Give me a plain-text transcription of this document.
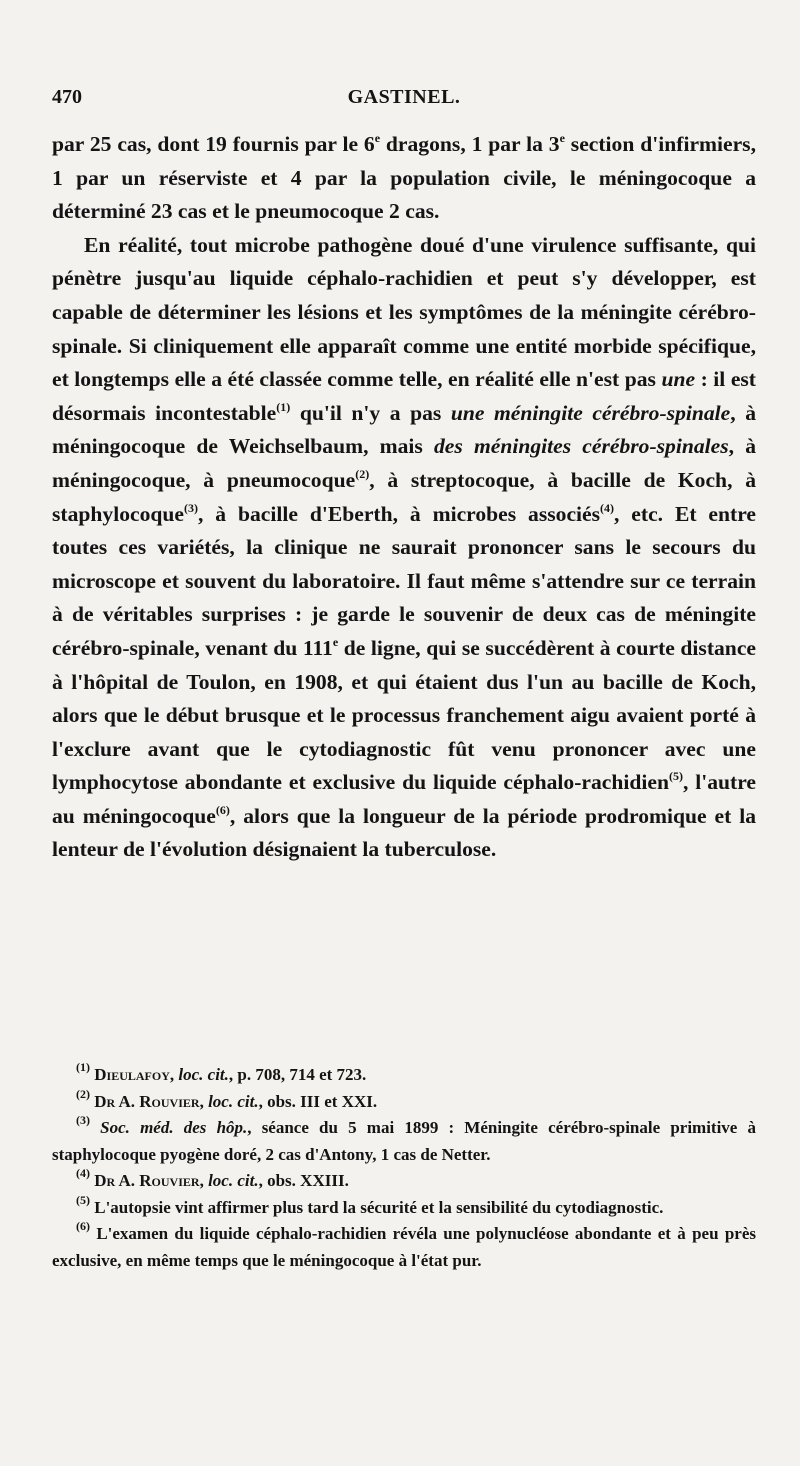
470	GASTINEL.

par 25 cas, dont 19 fournis par le 6e dragons, 1 par la 3e section d'infirmiers, 1 par un réserviste et 4 par la population civile, le méningocoque a déterminé 23 cas et le pneumocoque 2 cas.

En réalité, tout microbe pathogène doué d'une virulence suffisante, qui pénètre jusqu'au liquide céphalo-rachidien et peut s'y développer, est capable de déterminer les lésions et les symptômes de la méningite cérébro-spinale. Si cliniquement elle apparaît comme une entité morbide spécifique, et longtemps elle a été classée comme telle, en réalité elle n'est pas une : il est désormais incontestable$^{(1)}$ qu'il n'y a pas une méningite cérébro-spinale, à méningocoque de Weichselbaum, mais des méningites cérébro-spinales, à méningocoque, à pneumocoque$^{(2)}$, à streptocoque, à bacille de Koch, à staphylocoque$^{(3)}$, à bacille d'Eberth, à microbes associés$^{(4)}$, etc. Et entre toutes ces variétés, la clinique ne saurait prononcer sans le secours du microscope et souvent du laboratoire. Il faut même s'attendre sur ce terrain à de véritables surprises : je garde le souvenir de deux cas de méningite cérébro-spinale, venant du 111e de ligne, qui se succédèrent à courte distance à l'hôpital de Toulon, en 1908, et qui étaient dus l'un au bacille de Koch, alors que le début brusque et le processus franchement aigu avaient porté à l'exclure avant que le cytodiagnostic fût venu prononcer avec une lymphocytose abondante et exclusive du liquide céphalo-rachidien$^{(5)}$, l'autre au méningocoque$^{(6)}$, alors que la longueur de la période prodromique et la lenteur de l'évolution désignaient la tuberculose.

$^{(1)}$ Dieulafoy, loc. cit., p. 708, 714 et 723.

$^{(2)}$ Dr A. Rouvier, loc. cit., obs. III et XXI.

$^{(3)}$ Soc. méd. des hôp., séance du 5 mai 1899 : Méningite cérébro-spinale primitive à staphylocoque pyogène doré, 2 cas d'Antony, 1 cas de Netter.

$^{(4)}$ Dr A. Rouvier, loc. cit., obs. XXIII.

$^{(5)}$ L'autopsie vint affirmer plus tard la sécurité et la sensibilité du cytodiagnostic.

$^{(6)}$ L'examen du liquide céphalo-rachidien révéla une polynucléose abondante et à peu près exclusive, en même temps que le méningocoque à l'état pur.
